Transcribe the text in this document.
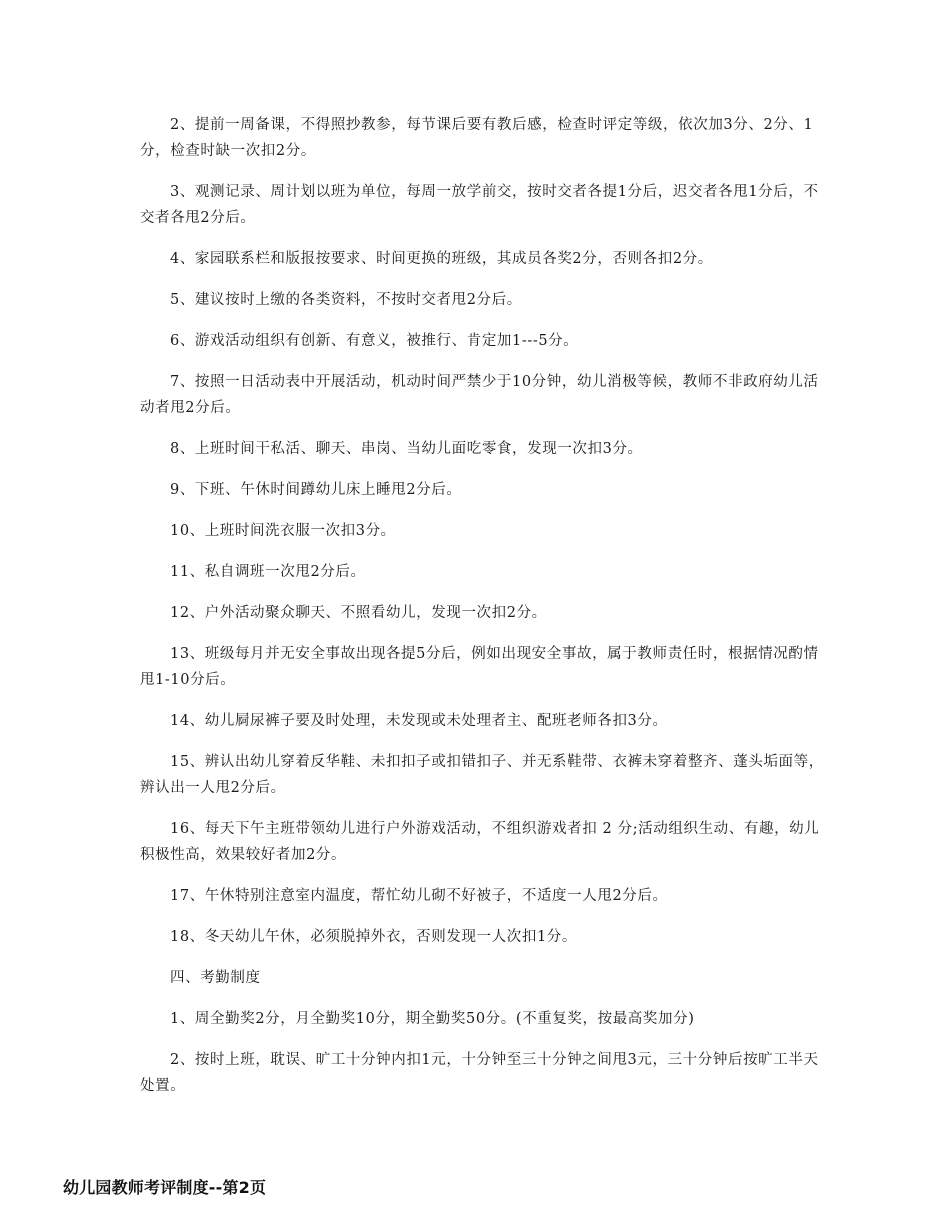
2、提前一周备课，不得照抄教参，每节课后要有教后感，检查时评定等级，依次加3分、2分、1分，检查时缺一次扣2分。

3、观测记录、周计划以班为单位，每周一放学前交，按时交者各提1分后，迟交者各甩1分后，不交者各甩2分后。

4、家园联系栏和版报按要求、时间更换的班级，其成员各奖2分，否则各扣2分。

5、建议按时上缴的各类资料，不按时交者甩2分后。

6、游戏活动组织有创新、有意义，被推行、肯定加1---5分。

7、按照一日活动表中开展活动，机动时间严禁少于10分钟，幼儿消极等候，教师不非政府幼儿活动者甩2分后。

8、上班时间干私活、聊天、串岗、当幼儿面吃零食，发现一次扣3分。

9、下班、午休时间蹲幼儿床上睡甩2分后。

10、上班时间洗衣服一次扣3分。

11、私自调班一次甩2分后。

12、户外活动聚众聊天、不照看幼儿，发现一次扣2分。

13、班级每月并无安全事故出现各提5分后，例如出现安全事故，属于教师责任时，根据情况酌情甩1-10分后。

14、幼儿屙尿裤子要及时处理，未发现或未处理者主、配班老师各扣3分。

15、辨认出幼儿穿着反华鞋、未扣扣子或扣错扣子、并无系鞋带、衣裤未穿着整齐、蓬头垢面等，辨认出一人甩2分后。

16、每天下午主班带领幼儿进行户外游戏活动，不组织游戏者扣 2 分;活动组织生动、有趣，幼儿积极性高，效果较好者加2分。

17、午休特别注意室内温度，帮忙幼儿砌不好被子，不适度一人甩2分后。

18、冬天幼儿午休，必须脱掉外衣，否则发现一人次扣1分。

四、考勤制度

1、周全勤奖2分，月全勤奖10分，期全勤奖50分。(不重复奖，按最高奖加分)

2、按时上班，耽误、旷工十分钟内扣1元，十分钟至三十分钟之间甩3元，三十分钟后按旷工半天处置。

幼儿园教师考评制度--第2页
